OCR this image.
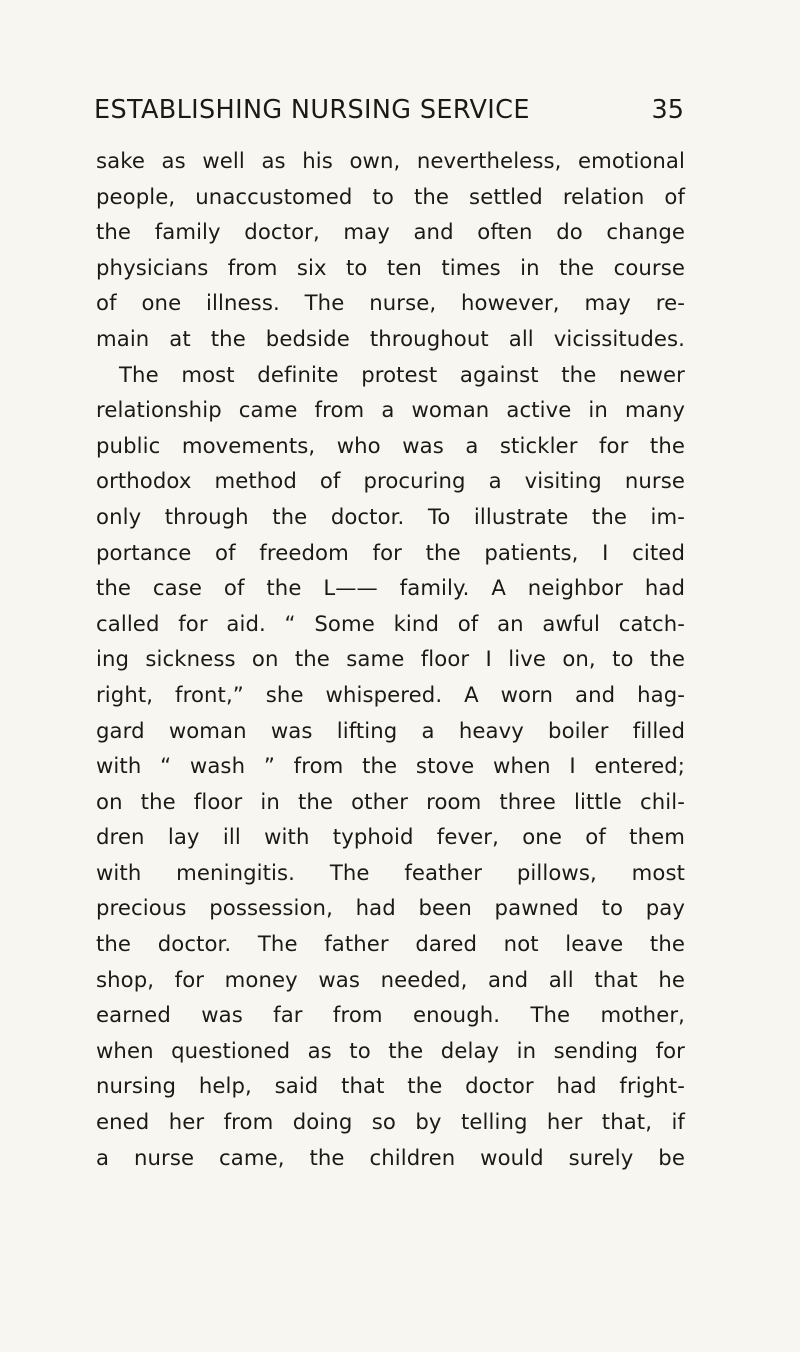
ESTABLISHING NURSING SERVICE	35
sake as well as his own, nevertheless, emotional
people, unaccustomed to the settled relation of
the family doctor, may and often do change
physicians from six to ten times in the course
of one illness. The nurse, however, may re-
main at the bedside throughout all vicissitudes.
The most definite protest against the newer
relationship came from a woman active in many
public movements, who was a stickler for the
orthodox method of procuring a visiting nurse
only through the doctor. To illustrate the im-
portance of freedom for the patients, I cited
the case of the L—— family. A neighbor had
called for aid. “ Some kind of an awful catch-
ing sickness on the same floor I live on, to the
right, front,” she whispered. A worn and hag-
gard woman was lifting a heavy boiler filled
with “ wash ” from the stove when I entered;
on the floor in the other room three little chil-
dren lay ill with typhoid fever, one of them
with meningitis. The feather pillows, most
precious possession, had been pawned to pay
the doctor. The father dared not leave the
shop, for money was needed, and all that he
earned was far from enough. The mother,
when questioned as to the delay in sending for
nursing help, said that the doctor had fright-
ened her from doing so by telling her that, if
a nurse came, the children would surely be
